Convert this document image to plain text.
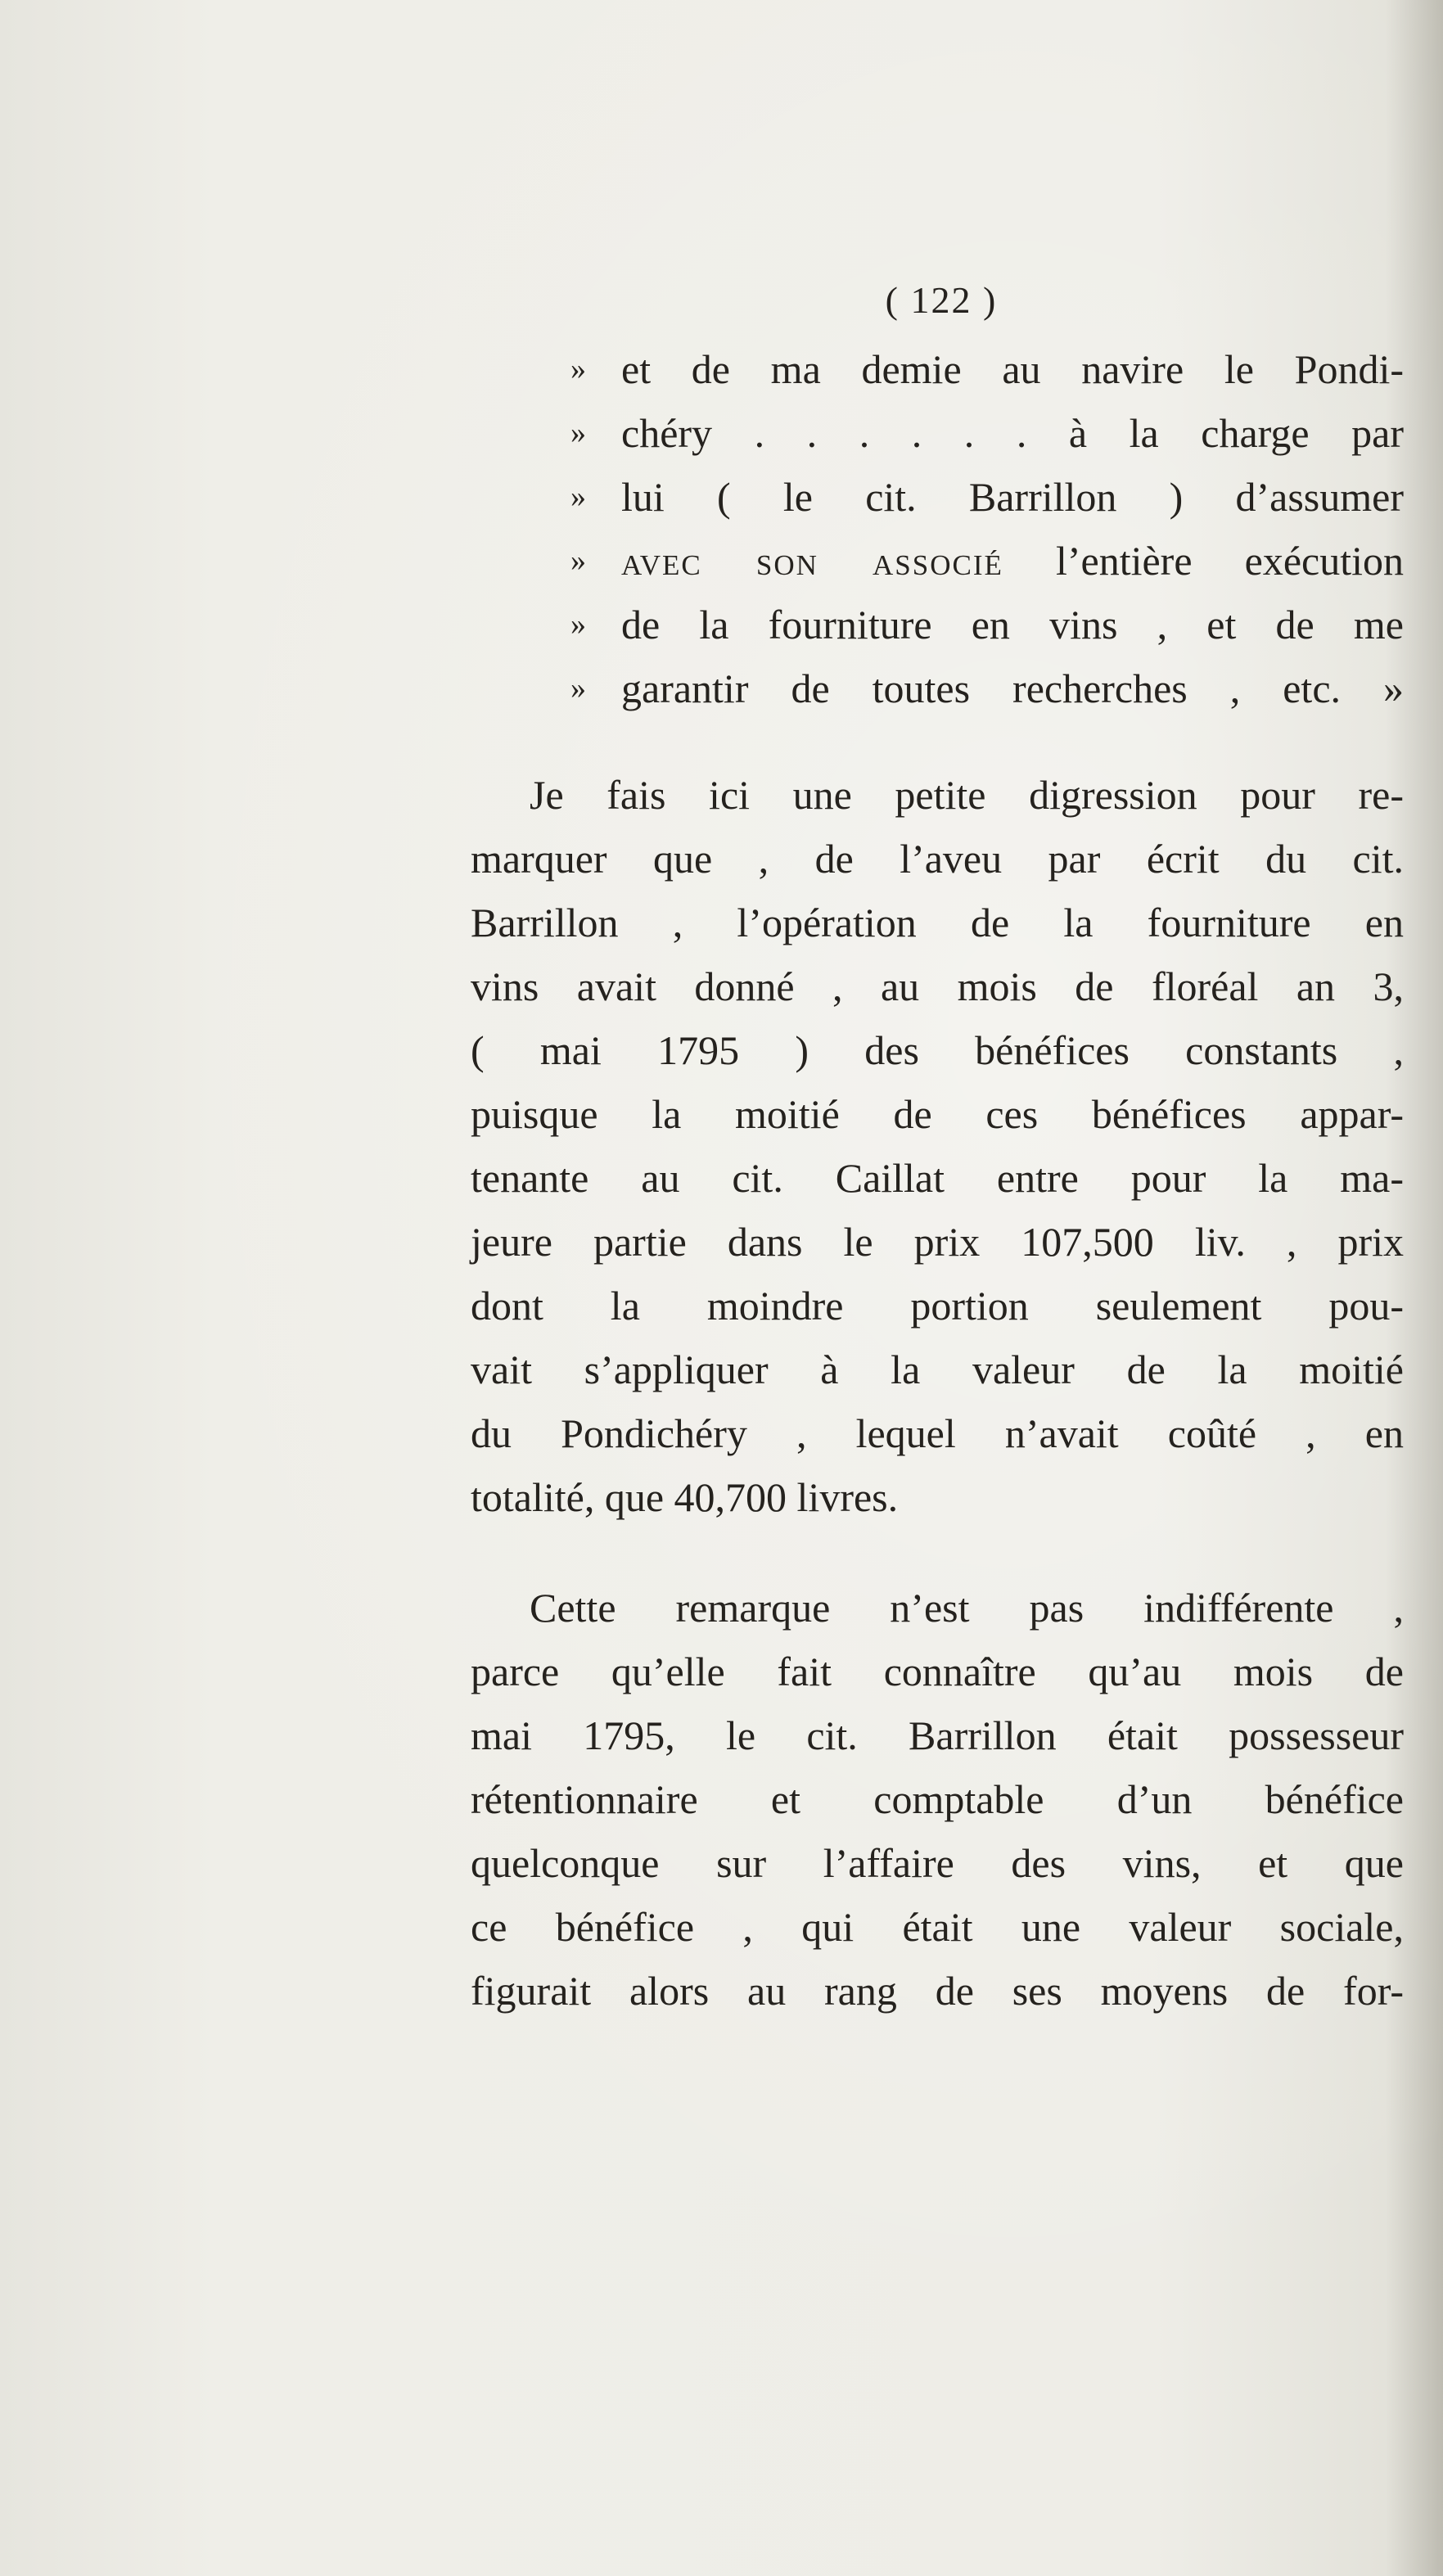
( 122 )
» et de ma demie au navire le Pondi-
» chéry . . . . . . à la charge par
» lui ( le cit. Barrillon ) d’assumer
» avec son associé l’entière exécution
» de la fourniture en vins , et de me
» garantir de toutes recherches , etc. »
Je fais ici une petite digression pour re-
marquer que , de l’aveu par écrit du cit.
Barrillon , l’opération de la fourniture en
vins avait donné , au mois de floréal an 3,
( mai 1795 ) des bénéfices constants ,
puisque la moitié de ces bénéfices appar-
tenante au cit. Caillat entre pour la ma-
jeure partie dans le prix 107,500 liv. , prix
dont la moindre portion seulement pou-
vait s’appliquer à la valeur de la moitié
du Pondichéry , lequel n’avait coûté , en
totalité, que 40,700 livres.
Cette remarque n’est pas indifférente ,
parce qu’elle fait connaître qu’au mois de
mai 1795, le cit. Barrillon était possesseur
rétentionnaire et comptable d’un bénéfice
quelconque sur l’affaire des vins, et que
ce bénéfice , qui était une valeur sociale,
figurait alors au rang de ses moyens de for-
